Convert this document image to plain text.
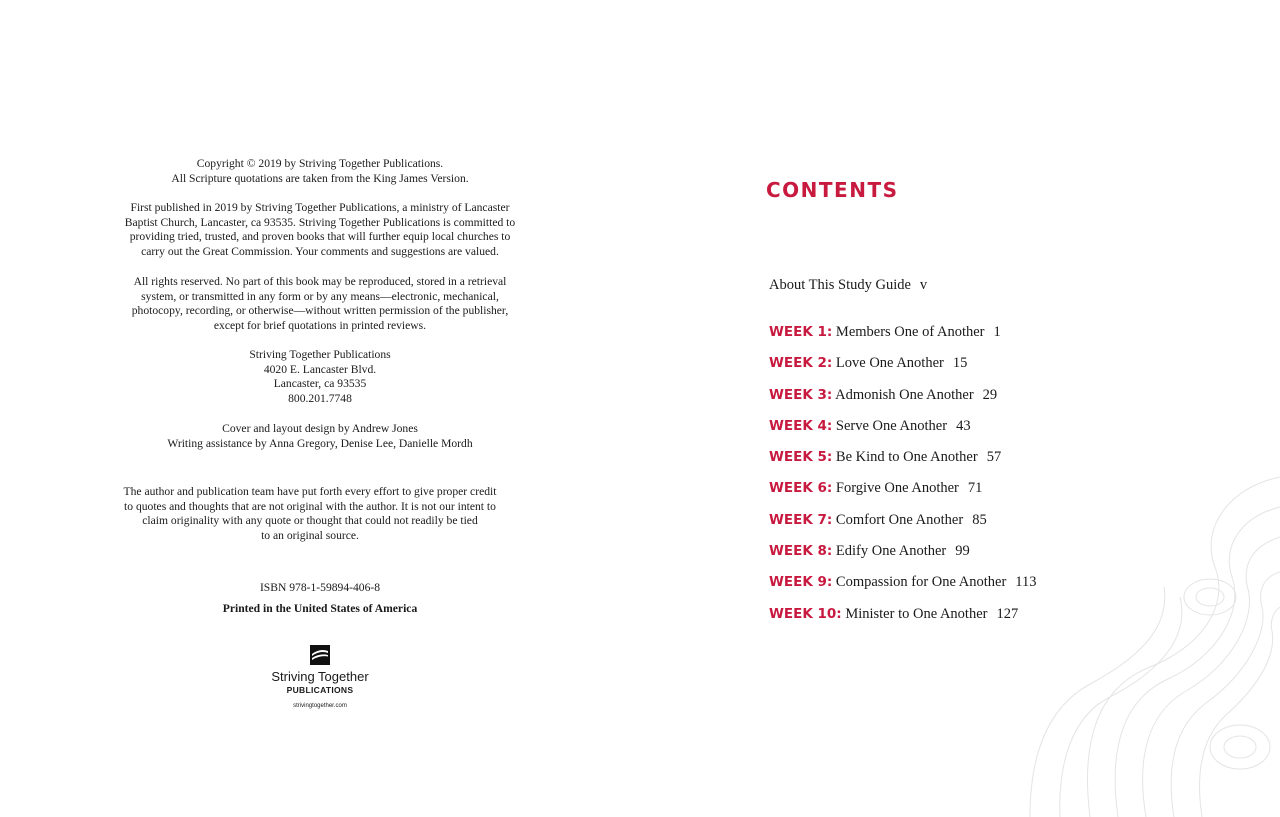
Copyright © 2019 by Striving Together Publications.
All Scripture quotations are taken from the King James Version.
First published in 2019 by Striving Together Publications, a ministry of Lancaster
Baptist Church, Lancaster, ca 93535. Striving Together Publications is committed to
providing tried, trusted, and proven books that will further equip local churches to
carry out the Great Commission. Your comments and suggestions are valued.
All rights reserved. No part of this book may be reproduced, stored in a retrieval
system, or transmitted in any form or by any means—electronic, mechanical,
photocopy, recording, or otherwise—without written permission of the publisher,
except for brief quotations in printed reviews.
Striving Together Publications
4020 E. Lancaster Blvd.
Lancaster, ca 93535
800.201.7748
Cover and layout design by Andrew Jones
Writing assistance by Anna Gregory, Denise Lee, Danielle Mordh
The author and publication team have put forth every effort to give proper credit
to quotes and thoughts that are not original with the author. It is not our intent to
claim originality with any quote or thought that could not readily be tied
to an original source.
ISBN 978-1-59894-406-8
Printed in the United States of America
Striving Together
PUBLICATIONS
strivingtogether.com
CONTENTS
About This Study Guide v
WEEK 1: Members One of Another 1
WEEK 2: Love One Another 15
WEEK 3: Admonish One Another 29
WEEK 4: Serve One Another 43
WEEK 5: Be Kind to One Another 57
WEEK 6: Forgive One Another 71
WEEK 7: Comfort One Another 85
WEEK 8: Edify One Another 99
WEEK 9: Compassion for One Another 113
WEEK 10: Minister to One Another 127
